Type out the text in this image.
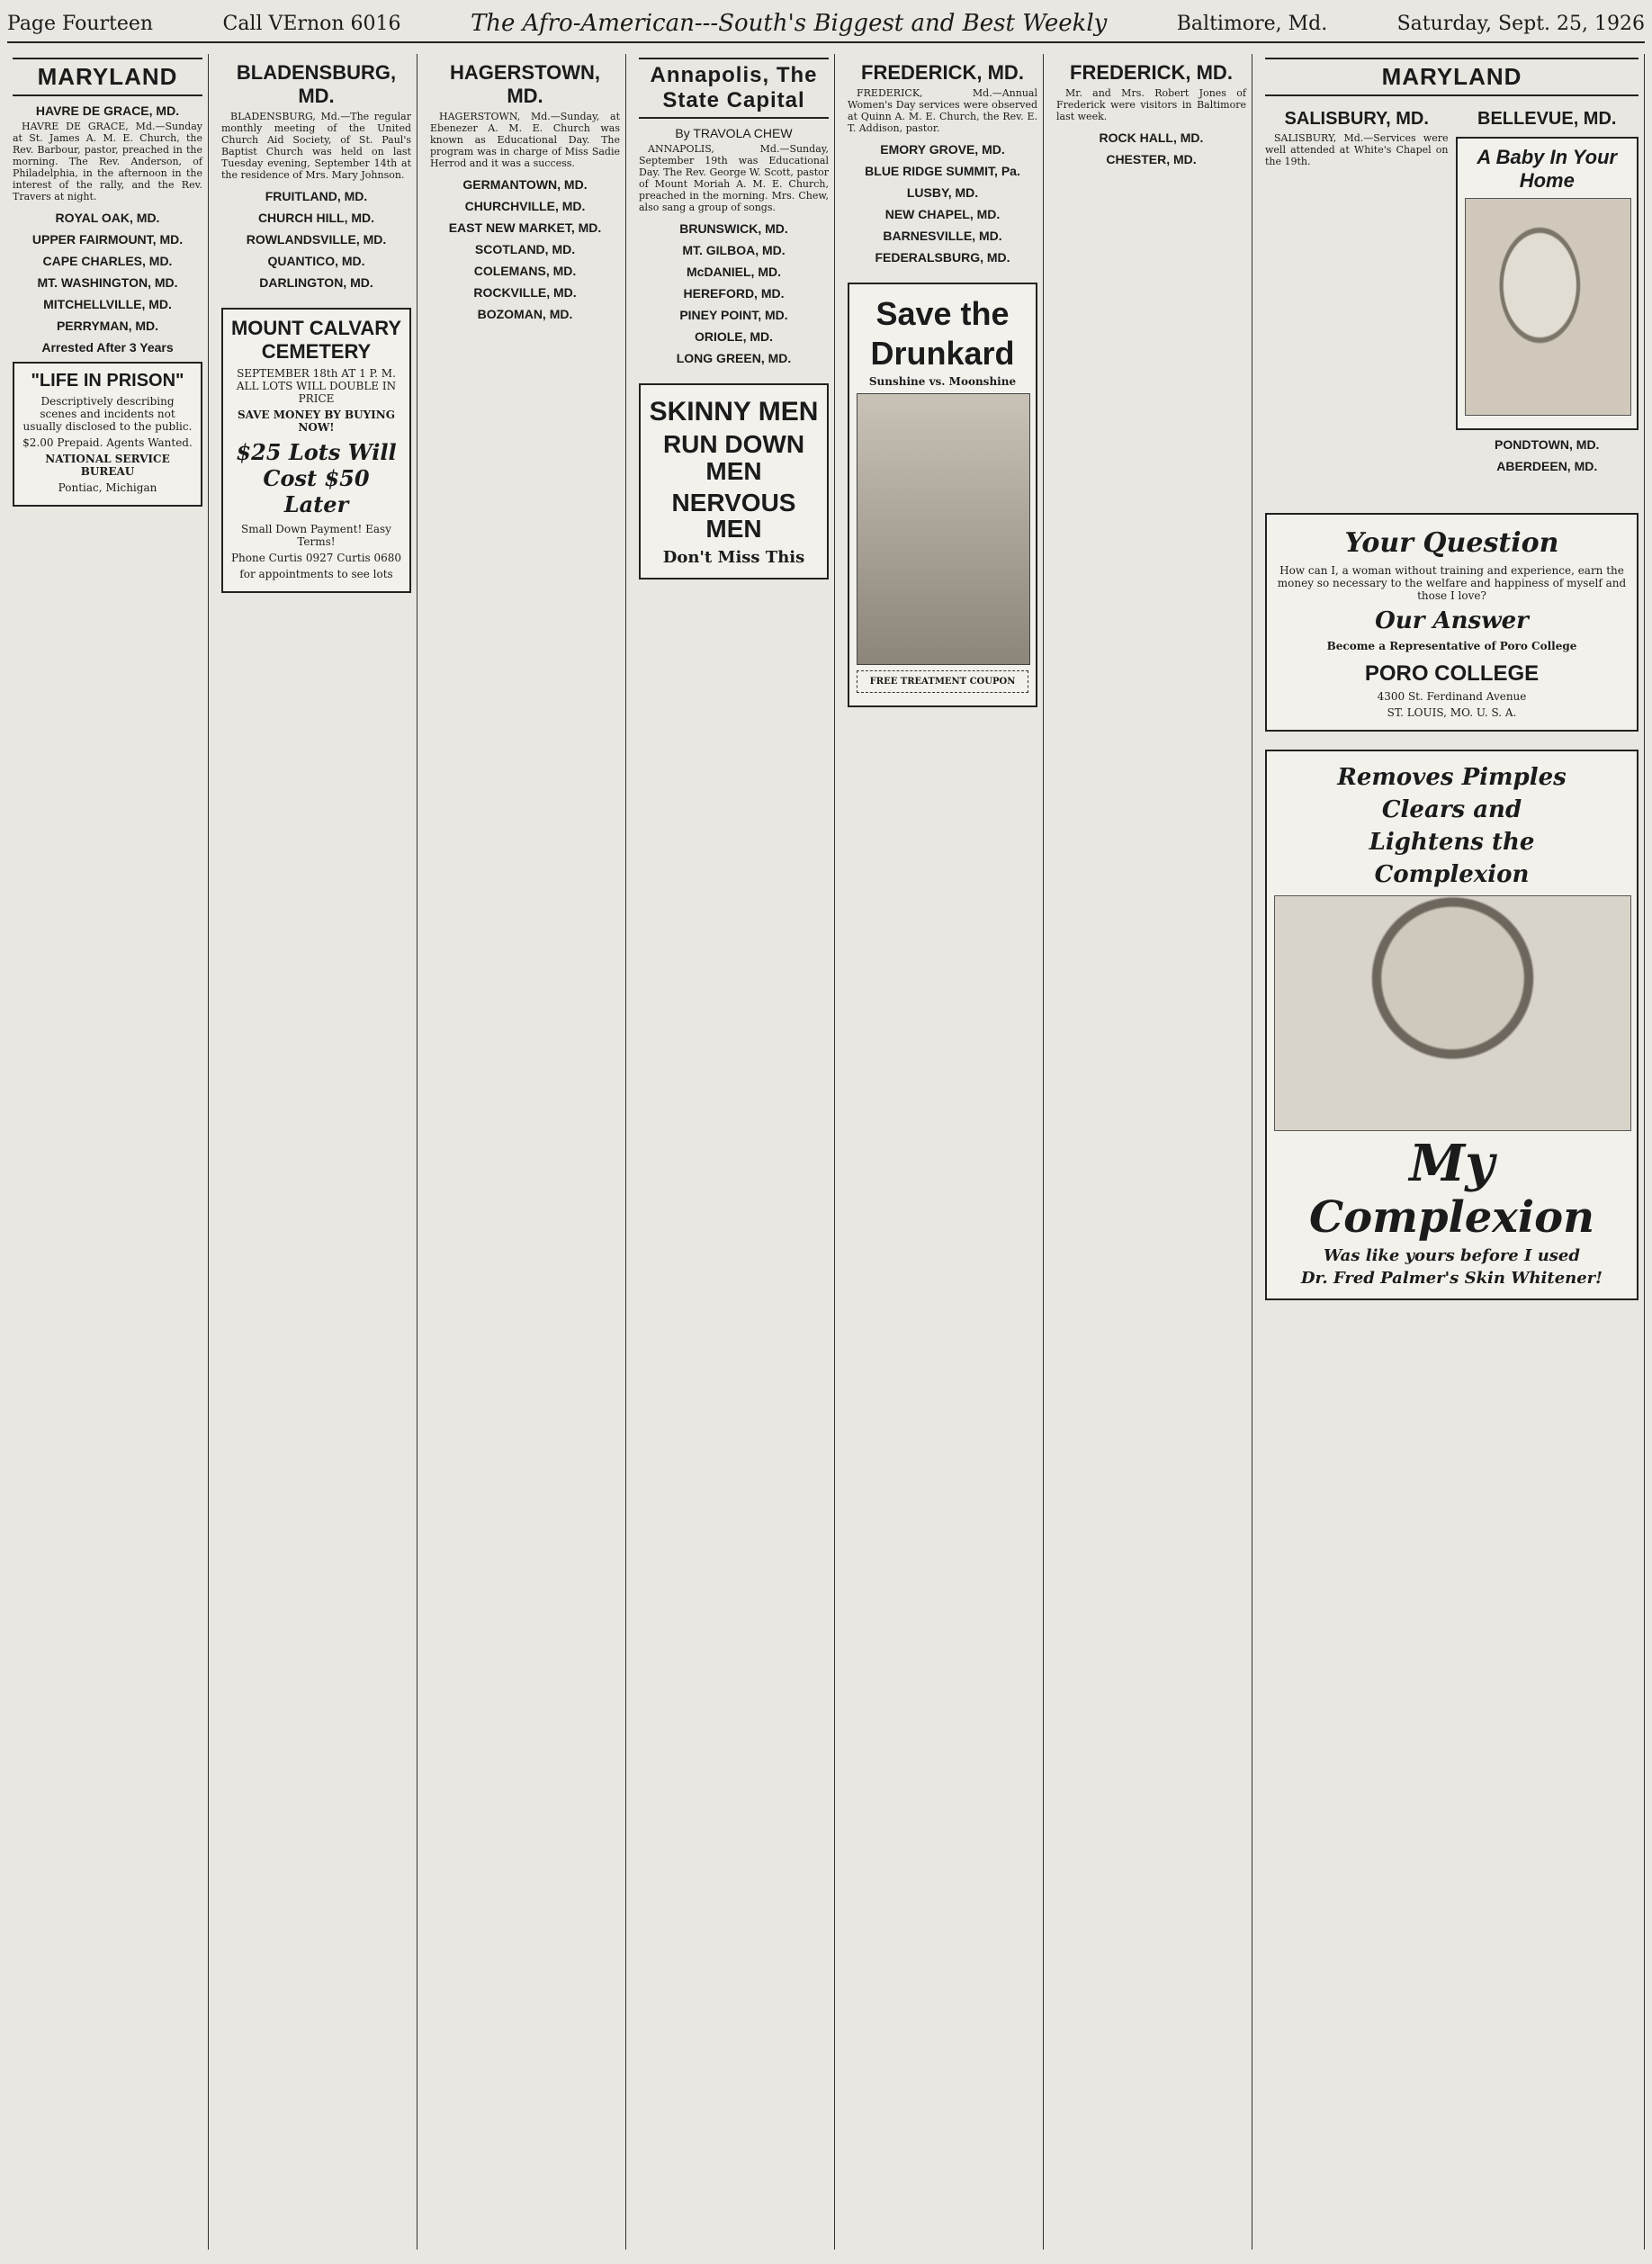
Page Fourteen	Call VErnon 6016	The Afro-American---South's Biggest and Best Weekly	Baltimore, Md.	Saturday, Sept. 25, 1926
MARYLAND
HAVRE DE GRACE, MD.

HAVRE DE GRACE, Md.—Sunday at St. James A. M. E. Church, the Rev. Barbour, pastor, preached in the morning. The Rev. Anderson, of Philadelphia, in the afternoon in the interest of the rally, and the Rev. Travers at night.

ROYAL OAK, MD.
UPPER FAIRMOUNT, MD.
CAPE CHARLES, MD.
MT. WASHINGTON, MD.
MITCHELLVILLE, MD.
PERRYMAN, MD.
Arrested After 3 Years
"LIFE IN PRISON"
Descriptively describing scenes and incidents not usually disclosed to the public.
$2.00 Prepaid. Agents Wanted.
NATIONAL SERVICE BUREAU
Pontiac, Michigan
BLADENSBURG, MD.

BLADENSBURG, Md.—The regular monthly meeting of the United Church Aid Society, of St. Paul's Baptist Church was held on last Tuesday evening, September 14th at the residence of Mrs. Mary Johnson.

FRUITLAND, MD.
CHURCH HILL, MD.
ROWLANDSVILLE, MD.
QUANTICO, MD.
DARLINGTON, MD.
MOUNT CALVARY CEMETERY
SEPTEMBER 18th AT 1 P. M. ALL LOTS WILL DOUBLE IN PRICE
SAVE MONEY BY BUYING NOW!
$25 Lots Will Cost $50 Later
Small Down Payment! Easy Terms!
Phone Curtis 0927 Curtis 0680
for appointments to see lots
HAGERSTOWN, MD.

HAGERSTOWN, Md.—Sunday, at Ebenezer A. M. E. Church was known as Educational Day. The program was in charge of Miss Sadie Herrod and it was a success.

GERMANTOWN, MD.
CHURCHVILLE, MD.
EAST NEW MARKET, MD.
SCOTLAND, MD.
COLEMANS, MD.
ROCKVILLE, MD.
BOZOMAN, MD.
Annapolis, The State Capital
By TRAVOLA CHEW

ANNAPOLIS, Md.—Sunday, September 19th was Educational Day. The Rev. George W. Scott, pastor of Mount Moriah A. M. E. Church, preached in the morning. Mrs. Chew, also sang a group of songs.

BRUNSWICK, MD.
MT. GILBOA, MD.
McDANIEL, MD.
HEREFORD, MD.
PINEY POINT, MD.
ORIOLE, MD.
LONG GREEN, MD.
SKINNY MEN
RUN DOWN MEN
NERVOUS MEN
Don't Miss This
FREDERICK, MD.

FREDERICK, Md.—Annual Women's Day services were observed at Quinn A. M. E. Church, the Rev. E. T. Addison, pastor.

EMORY GROVE, MD.
BLUE RIDGE SUMMIT, Pa.
LUSBY, MD.
NEW CHAPEL, MD.
BARNESVILLE, MD.
FEDERALSBURG, MD.
Save the
Drunkard
Sunshine vs. Moonshine
FREE TREATMENT COUPON
FREDERICK, MD.

Mr. and Mrs. Robert Jones of Frederick were visitors in Baltimore last week.

ROCK HALL, MD.
CHESTER, MD.
MARYLAND
SALISBURY, MD.

SALISBURY, Md.—Services were well attended at White's Chapel on the 19th.

BELLEVUE, MD.
A Baby In Your Home
PONDTOWN, MD.
ABERDEEN, MD.
Your Question
How can I, a woman without training and experience, earn the money so necessary to the welfare and happiness of myself and those I love?
Our Answer
Become a Representative of Poro College
PORO COLLEGE
4300 St. Ferdinand Avenue
ST. LOUIS, MO. U. S. A.
Removes Pimples
Clears and
Lightens the
Complexion
My
Complexion
Was like yours before I used
Dr. Fred Palmer's Skin Whitener!
